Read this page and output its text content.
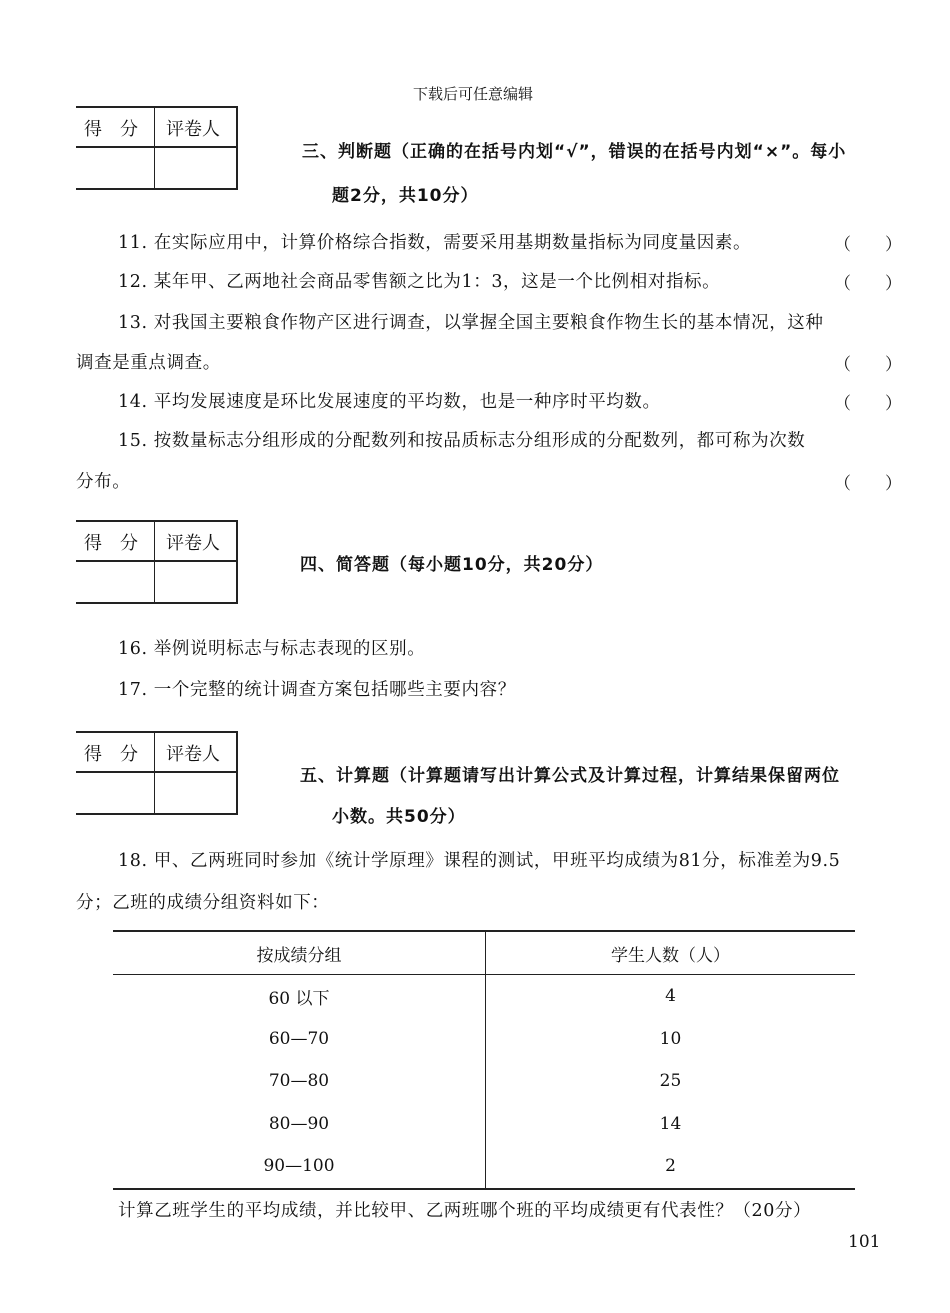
下载后可任意编辑
得　分 评卷人
三、判断题（正确的在括号内划“√”，错误的在括号内划“×”。每小
题2分，共10分）
11. 在实际应用中，计算价格综合指数，需要采用基期数量指标为同度量因素。	（　　）
12. 某年甲、乙两地社会商品零售额之比为1：3，这是一个比例相对指标。	（　　）
13. 对我国主要粮食作物产区进行调查，以掌握全国主要粮食作物生长的基本情况，这种
调查是重点调查。	（　　）
14. 平均发展速度是环比发展速度的平均数，也是一种序时平均数。	（　　）
15. 按数量标志分组形成的分配数列和按品质标志分组形成的分配数列，都可称为次数
分布。	（　　）
得　分 评卷人
四、简答题（每小题10分，共20分）
16. 举例说明标志与标志表现的区别。
17. 一个完整的统计调查方案包括哪些主要内容？
得　分 评卷人
五、计算题（计算题请写出计算公式及计算过程，计算结果保留两位
小数。共50分）
18. 甲、乙两班同时参加《统计学原理》课程的测试，甲班平均成绩为81分，标准差为9.5
分；乙班的成绩分组资料如下：
按成绩分组	学生人数（人）
60 以下	4
60—70	10
70—80	25
80—90	14
90—100	2
计算乙班学生的平均成绩，并比较甲、乙两班哪个班的平均成绩更有代表性？（20分）
101
